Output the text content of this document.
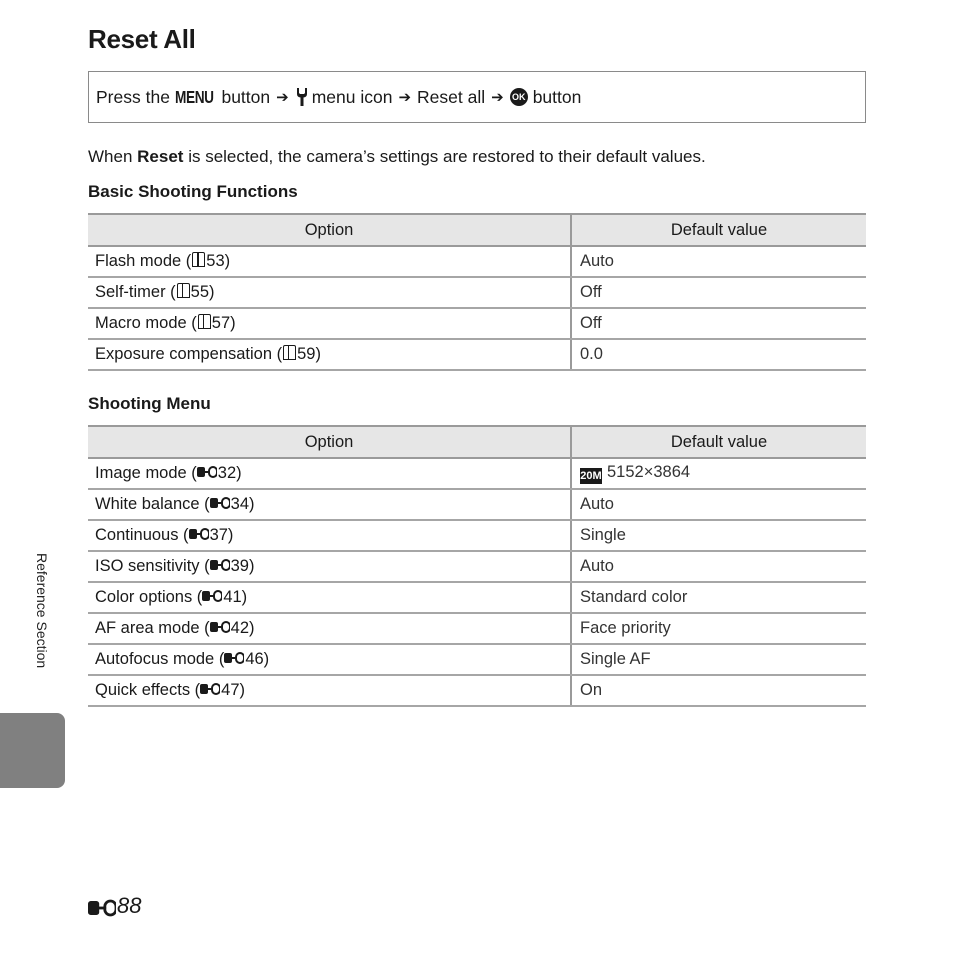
Reset All
Press the MENU button ➔ menu icon ➔ Reset all ➔ OK button
When Reset is selected, the camera’s settings are restored to their default values.
Basic Shooting Functions
Option	Default value
Flash mode ( 53)	Auto
Self-timer ( 55)	Off
Macro mode ( 57)	Off
Exposure compensation ( 59)	0.0
Shooting Menu
Option	Default value
Image mode ( 32)	20M 5152×3864
White balance ( 34)	Auto
Continuous ( 37)	Single
ISO sensitivity ( 39)	Auto
Color options ( 41)	Standard color
AF area mode ( 42)	Face priority
Autofocus mode ( 46)	Single AF
Quick effects ( 47)	On
Reference Section
88
